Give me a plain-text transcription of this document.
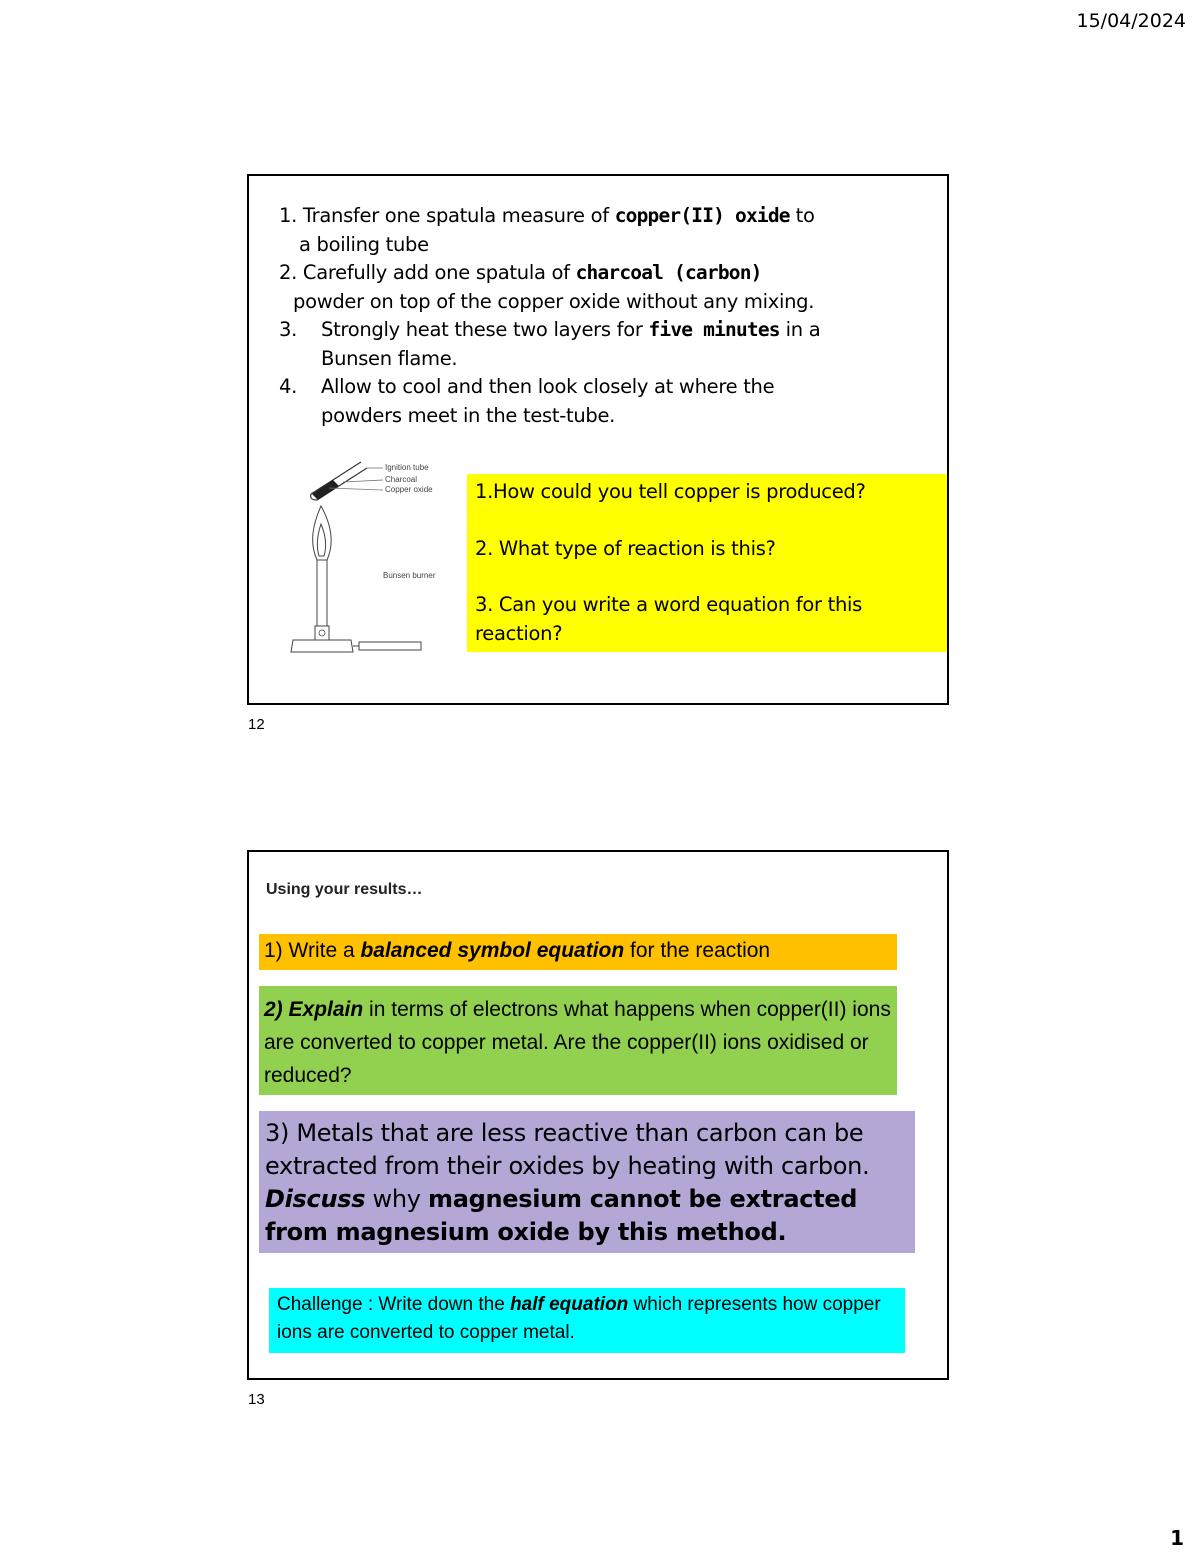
15/04/2024
1. Transfer one spatula measure of copper(II) oxide to
a boiling tube
2. Carefully add one spatula of charcoal (carbon)
powder on top of the copper oxide without any mixing.
3. Strongly heat these two layers for five minutes in a
Bunsen flame.
4. Allow to cool and then look closely at where the
powders meet in the test-tube.
Ignition tube
Charcoal
Copper oxide
Bunsen burner

1.How could you tell copper is produced?

2. What type of reaction is this?

3. Can you write a word equation for this reaction?

12
Using your results…
1) Write a balanced symbol equation for the reaction
2) Explain in terms of electrons what happens when copper(II) ions are converted to copper metal. Are the copper(II) ions oxidised or reduced?
3) Metals that are less reactive than carbon can be extracted from their oxides by heating with carbon. Discuss why magnesium cannot be extracted from magnesium oxide by this method.
Challenge : Write down the half equation which represents how copper ions are converted to copper metal.
13
1
